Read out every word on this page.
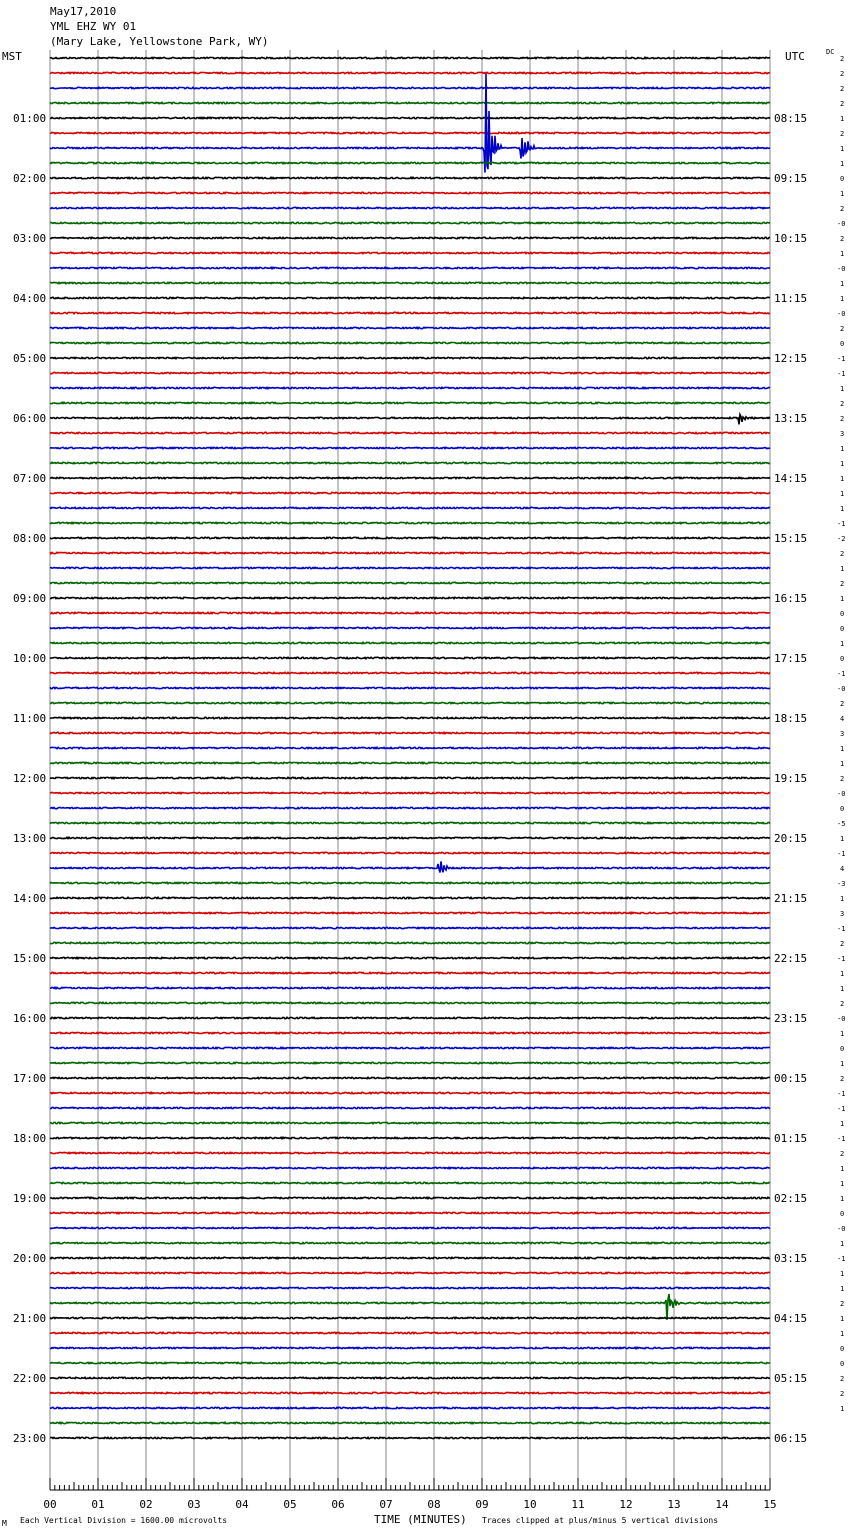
May17,2010
YML EHZ WY 01
(Mary Lake, Yellowstone Park, WY)
MST	UTC	DC
01:00
02:00
03:00
04:00
05:00
06:00
07:00
08:00
09:00
10:00
11:00
12:00
13:00
14:00
15:00
16:00
17:00
18:00
19:00
20:00
21:00
22:00
23:00
08:15
09:15
10:15
11:15
12:15
13:15
14:15
15:15
16:15
17:15
18:15
19:15
20:15
21:15
22:15
23:15
00:15
01:15
02:15
03:15
04:15
05:15
06:15
2
2
2
2
1
2
1
1
0
1
2
-0
2
1
-0
1
1
-0
2
0
-1
-1
1
2
2
3
1
1
1
1
1
-1
-2
2
1
2
1
0
0
1
0
-1
-0
2
4
3
1
1
2
-0
0
-5
1
-1
4
-3
1
3
-1
2
-1
1
1
2
-0
1
0
1
2
-1
-1
1
-1
2
1
1
1
0
-0
1
-1
1
1
2
1
1
0
0
2
2
1
00	01	02	03	04	05	06	07	08	09	10	11	12	13	14	15
M Each Vertical Division = 1600.00 microvolts	TIME (MINUTES) Traces clipped at plus/minus 5 vertical divisions
